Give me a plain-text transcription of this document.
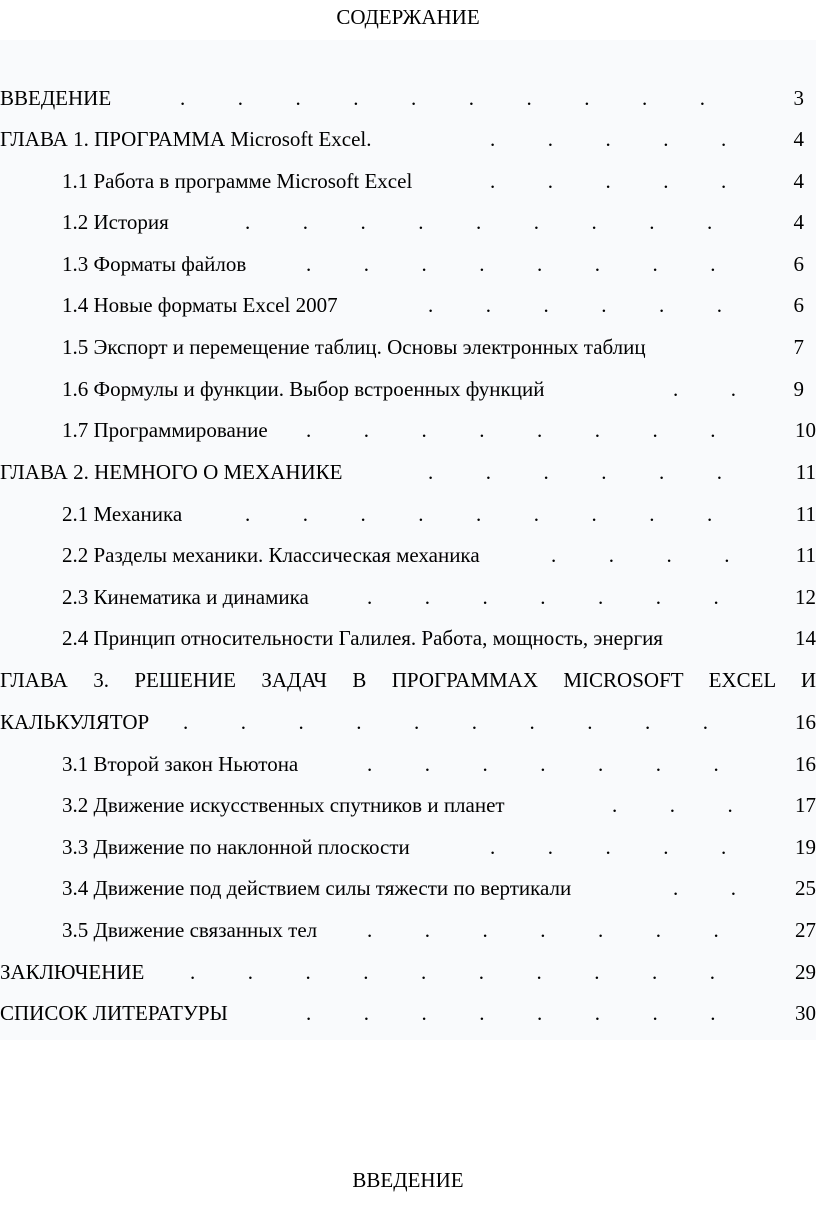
СОДЕРЖАНИЕ
ВВЕДЕНИЕ	.          .          .          .          .          .          .          .          .          .	3
ГЛАВА 1. ПРОГРАММА Microsoft Excel.	.          .          .          .          .	4
1.1 Работа в программе Microsoft Excel	.          .          .          .          .	4
1.2 История	.          .          .          .          .          .          .          .          .	4
1.3 Форматы файлов	.          .          .          .          .          .          .          .	6
1.4 Новые форматы Excel 2007	.          .          .          .          .          .	6
1.5 Экспорт и перемещение таблиц. Основы электронных таблиц	7
1.6 Формулы и функции. Выбор встроенных функций	.          .	9
1.7 Программирование .          .          .          .          .          .          .          .	10
ГЛАВА 2. НЕМНОГО О МЕХАНИКЕ	.          .          .          .          .          .	11
2.1 Механика	.          .          .          .          .          .          .          .          .	11
2.2 Разделы механики. Классическая механика	.          .          .          .	11
2.3 Кинематика и динамика	.          .          .          .          .          .          .	12
2.4 Принцип относительности Галилея. Работа, мощность, энергия	14
ГЛАВА 3. РЕШЕНИЕ ЗАДАЧ В ПРОГРАММАХ MICROSOFT EXCEL И
КАЛЬКУЛЯТОР .          .          .          .          .          .          .          .          .          .	16
3.1 Второй закон Ньютона	.          .          .          .          .          .          .	16
3.2 Движение искусственных спутников и планет	.          .          .	17
3.3 Движение по наклонной плоскости	.          .          .          .          .	19
3.4 Движение под действием силы тяжести по вертикали	.          .	25
3.5 Движение связанных тел .          .          .          .          .          .          .	27
ЗАКЛЮЧЕНИЕ .          .          .          .          .          .          .          .          .          .	29
СПИСОК ЛИТЕРАТУРЫ	.          .          .          .          .          .          .          .	30
ВВЕДЕНИЕ
